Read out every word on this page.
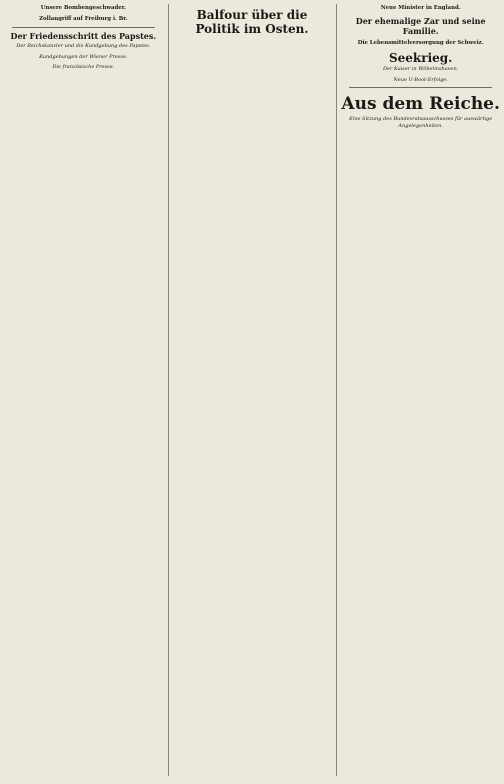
Unsere Bombengeschwader.

Zollangriff auf Freiburg i. Br.

Der Friedensschritt des Papstes.
Der Reichskanzler und die Kundgebung des Papstes.

Kundgebungen der Wiener Presse.

Die französische Presse.

Balfour über die Politik im Osten.

Neue Minister in England.

Der ehemalige Zar und seine Familie.

Die Lebensmittelversorgung der Schweiz.

Seekrieg.
Der Kaiser in Wilhelmshaven.

Neue U-Boot-Erfolge.

Aus dem Reiche.
Eine Sitzung des Bundesratsausschusses für auswärtige Angelegenheiten.
